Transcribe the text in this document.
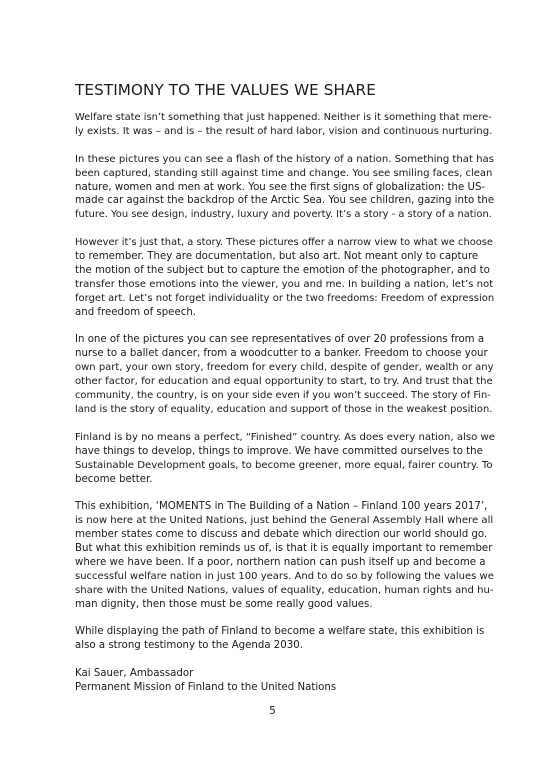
TESTIMONY TO THE VALUES WE SHARE

Welfare state isn’t something that just happened. Neither is it something that mere-
ly exists. It was – and is – the result of hard labor, vision and continuous nurturing.

In these pictures you can see a flash of the history of a nation. Something that has
been captured, standing still against time and change. You see smiling faces, clean
nature, women and men at work. You see the first signs of globalization: the US-
made car against the backdrop of the Arctic Sea. You see children, gazing into the
future. You see design, industry, luxury and poverty. It’s a story - a story of a nation.

However it’s just that, a story. These pictures offer a narrow view to what we choose
to remember. They are documentation, but also art. Not meant only to capture
the motion of the subject but to capture the emotion of the photographer, and to
transfer those emotions into the viewer, you and me. In building a nation, let’s not
forget art. Let’s not forget individuality or the two freedoms: Freedom of expression
and freedom of speech.

In one of the pictures you can see representatives of over 20 professions from a
nurse to a ballet dancer, from a woodcutter to a banker. Freedom to choose your
own part, your own story, freedom for every child, despite of gender, wealth or any
other factor, for education and equal opportunity to start, to try. And trust that the
community, the country, is on your side even if you won’t succeed. The story of Fin-
land is the story of equality, education and support of those in the weakest position.

Finland is by no means a perfect, “Finished” country. As does every nation, also we
have things to develop, things to improve. We have committed ourselves to the
Sustainable Development goals, to become greener, more equal, fairer country. To
become better.

This exhibition, ‘MOMENTS in The Building of a Nation – Finland 100 years 2017’,
is now here at the United Nations, just behind the General Assembly Hall where all
member states come to discuss and debate which direction our world should go.
But what this exhibition reminds us of, is that it is equally important to remember
where we have been. If a poor, northern nation can push itself up and become a
successful welfare nation in just 100 years. And to do so by following the values we
share with the United Nations, values of equality, education, human rights and hu-
man dignity, then those must be some really good values.

While displaying the path of Finland to become a welfare state, this exhibition is
also a strong testimony to the Agenda 2030.

Kai Sauer, Ambassador
Permanent Mission of Finland to the United Nations

5
